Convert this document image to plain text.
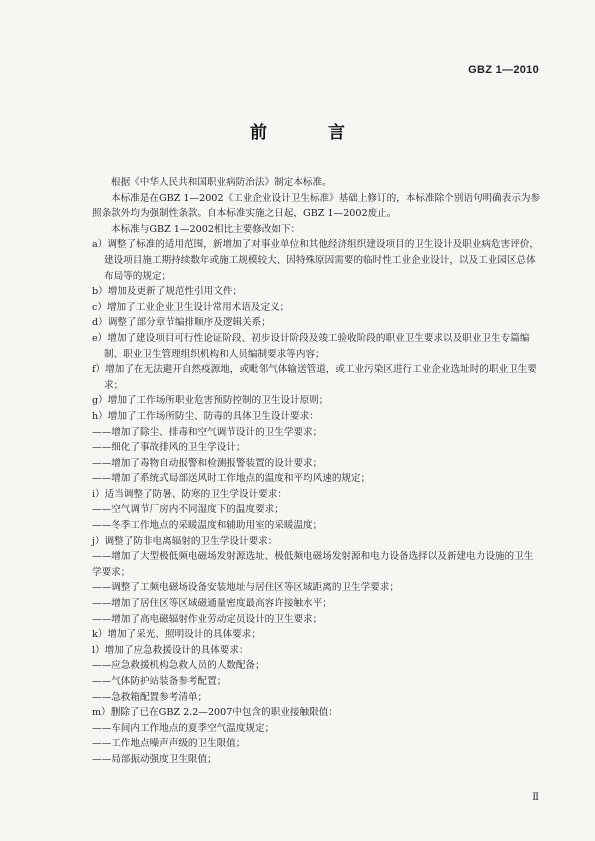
GBZ 1—2010
前　言

根据《中华人民共和国职业病防治法》制定本标准。

本标准是在GBZ 1—2002《工业企业设计卫生标准》基础上修订的，本标准除个别语句明确表示为参照条款外均为强制性条款。自本标准实施之日起，GBZ 1—2002废止。

本标准与GBZ 1—2002相比主要修改如下：

a）调整了标准的适用范围，新增加了对事业单位和其他经济组织建设项目的卫生设计及职业病危害评价，建设项目施工期持续数年或施工规模较大、因特殊原因需要的临时性工业企业设计，以及工业园区总体布局等的规定；

b）增加及更新了规范性引用文件；

c）增加了工业企业卫生设计常用术语及定义；

d）调整了部分章节编排顺序及逻辑关系；

e）增加了建设项目可行性论证阶段、初步设计阶段及竣工验收阶段的职业卫生要求以及职业卫生专篇编制、职业卫生管理组织机构和人员编制要求等内容；

f）增加了在无法避开自然疫源地，或毗邻气体输送管道，或工业污染区进行工业企业选址时的职业卫生要求；

g）增加了工作场所职业危害预防控制的卫生设计原则；

h）增加了工作场所防尘、防毒的具体卫生设计要求：

——增加了除尘、排毒和空气调节设计的卫生学要求；

——细化了事故排风的卫生学设计；

——增加了毒物自动报警和检测报警装置的设计要求；

——增加了系统式局部送风时工作地点的温度和平均风速的规定；

i）适当调整了防暑、防寒的卫生学设计要求：

——空气调节厂房内不同湿度下的温度要求；

——冬季工作地点的采暖温度和辅助用室的采暖温度；

j）调整了防非电离辐射的卫生学设计要求：

——增加了大型极低频电磁场发射源选址、极低频电磁场发射源和电力设备选择以及新建电力设施的卫生学要求；

——调整了工频电磁场设备安装地址与居住区等区域距离的卫生学要求；

——增加了居住区等区域磁通量密度最高容许接触水平；

——增加了高电磁辐射作业劳动定员设计的卫生要求；

k）增加了采光、照明设计的具体要求；

l）增加了应急救援设计的具体要求：

——应急救援机构急救人员的人数配备；

——气体防护站装备参考配置；

——急救箱配置参考清单；

m）删除了已在GBZ 2.2—2007中包含的职业接触限值：

——车间内工作地点的夏季空气温度规定；

——工作地点噪声声级的卫生限值；

——局部振动强度卫生限值；

Ⅱ
